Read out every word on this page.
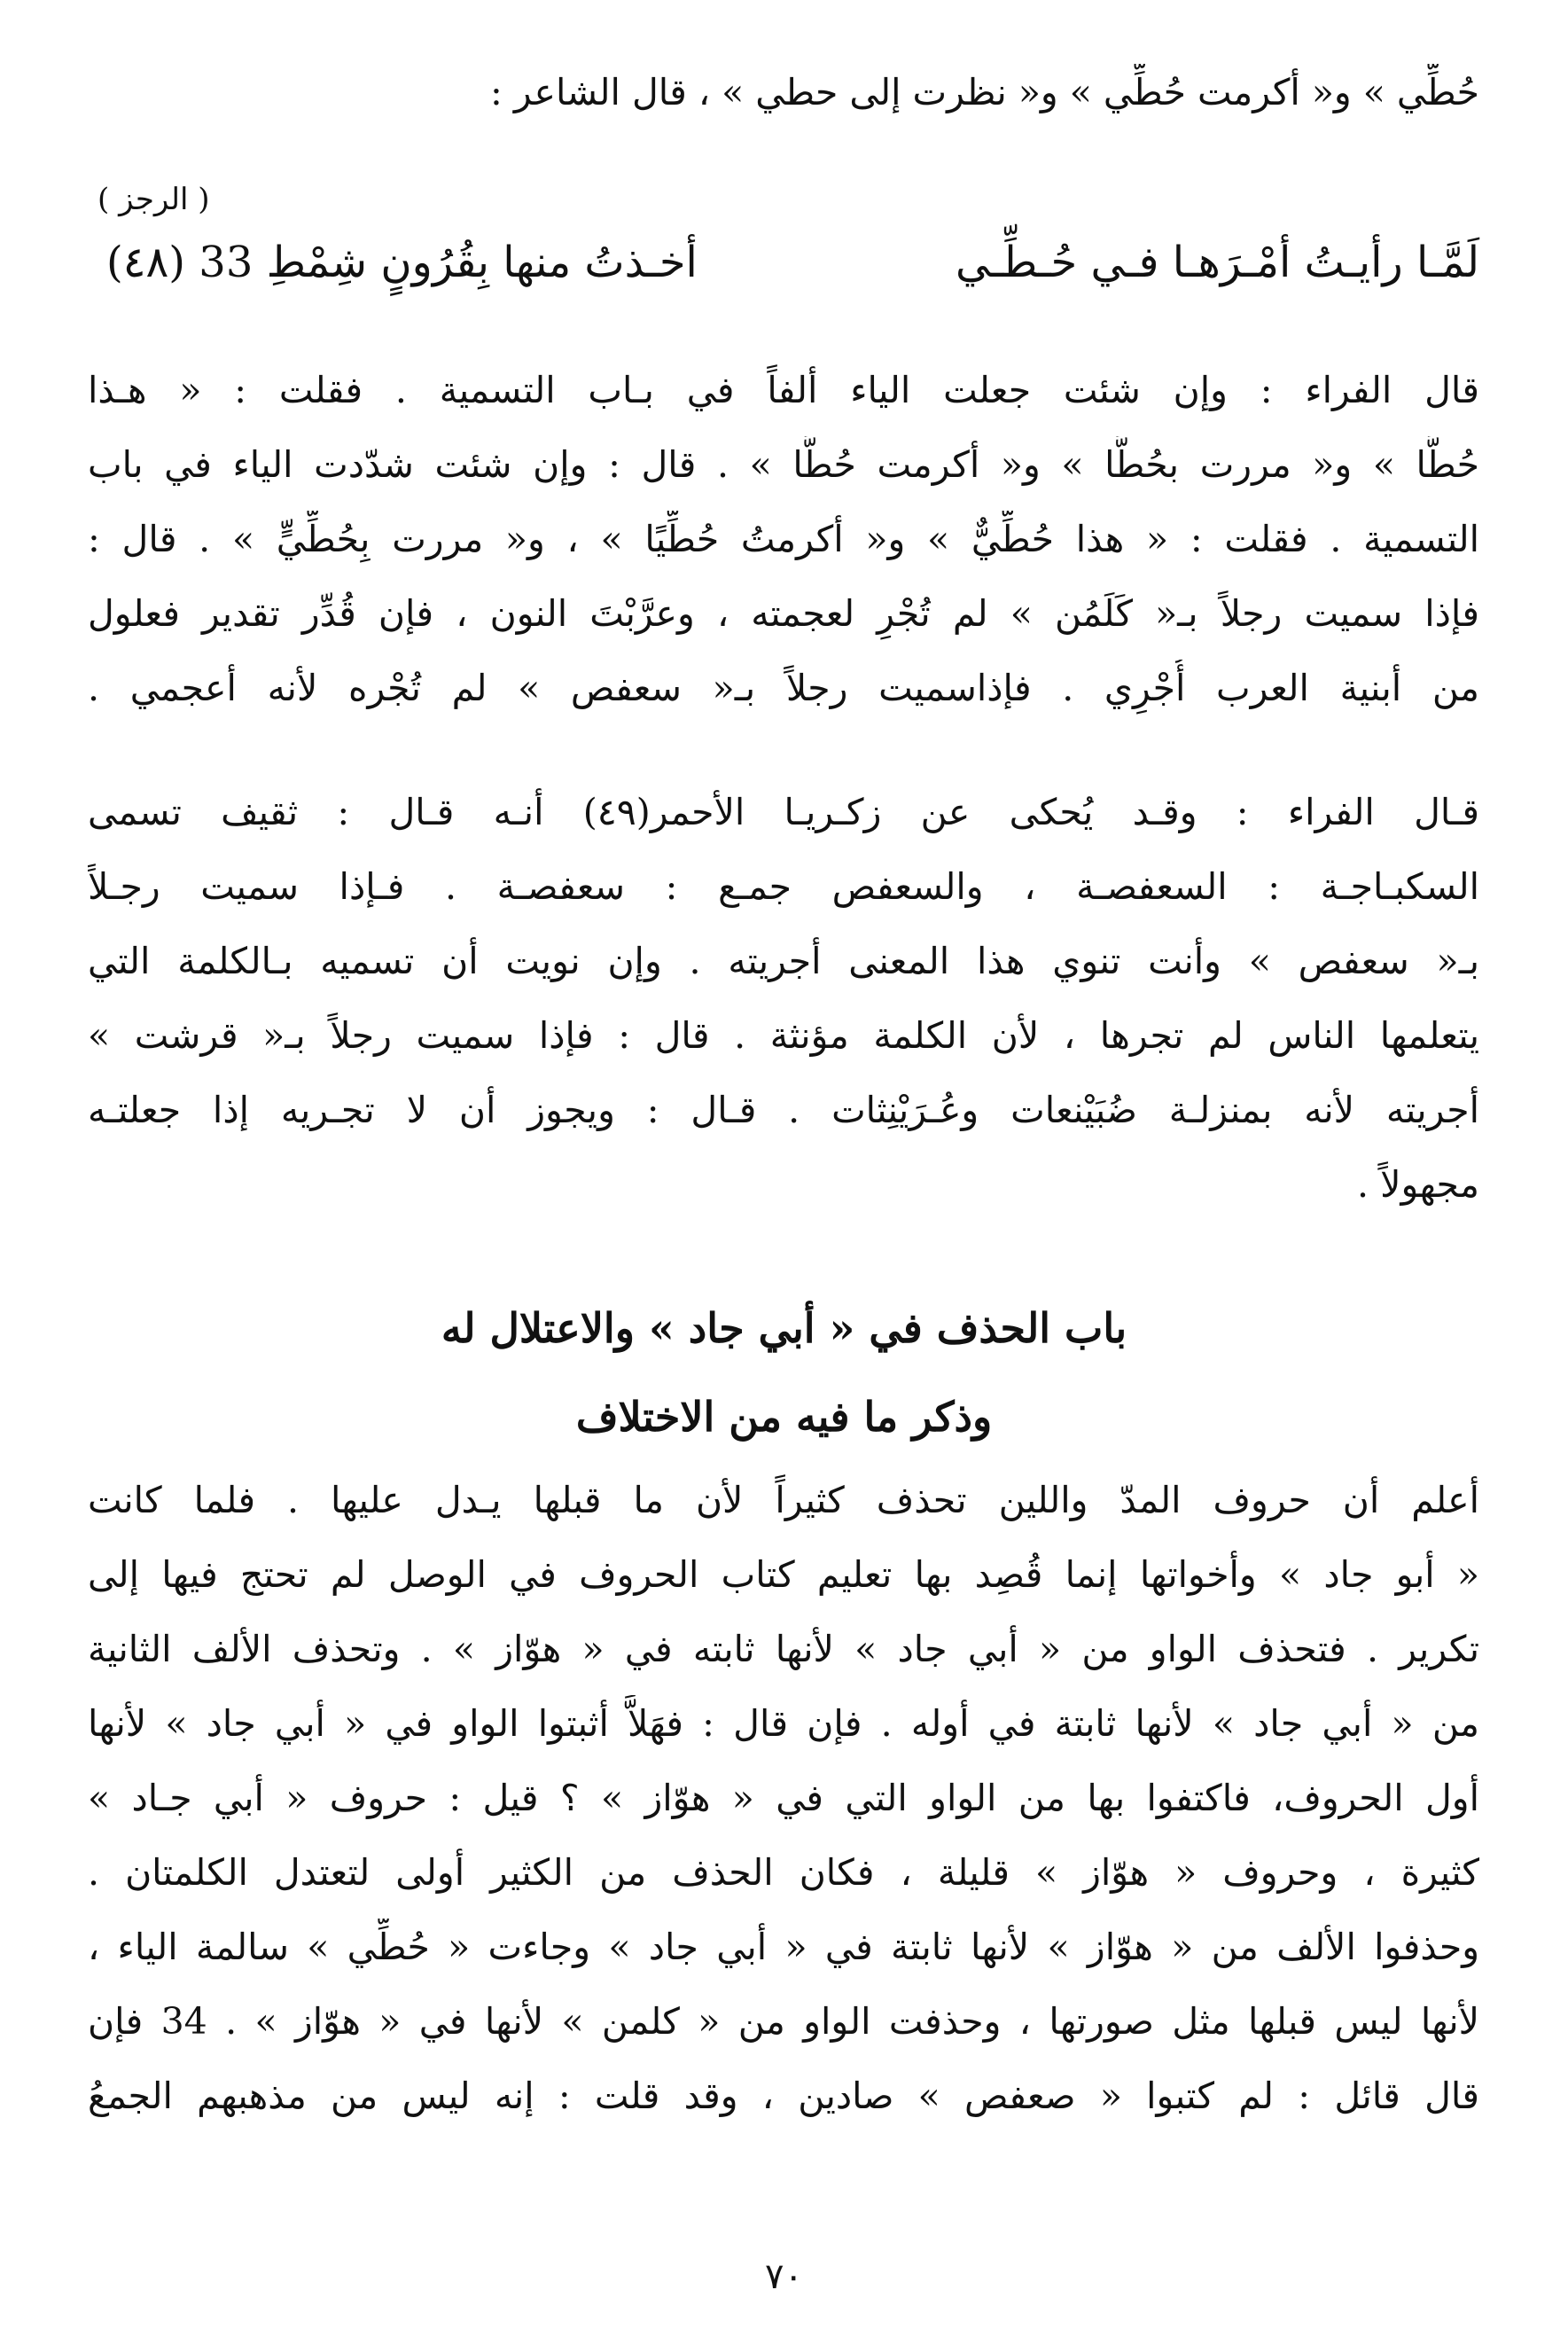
حُطِّي » و« أكرمت حُطِّي » و« نظرت إلى حطي » ، قال الشاعر :
( الرجز )
لَمَّـا رأيـتُ أمْـرَهـا فـي حُـطِّـي
أخـذتُ منها بِقُرُونٍ شِمْطِ 33 (٤٨)
قال الفراء : وإن شئت جعلت الياء ألفاً في بـاب التسمية . فقلت : « هـذا
حُطَّا » و« مررت بحُطَّا » و« أكرمت حُطَّا » . قال : وإن شئت شدّدت الياء في باب
التسمية . فقلت : « هذا حُطِّيٌّ » و« أكرمتُ حُطِّيًا » ، و« مررت بِحُطِّيٍّ » . قال :
فإذا سميت رجلاً بـ« كَلَمُن » لم تُجْرِ لعجمته ، وعرَّبْتَ النون ، فإن قُدِّر تقدير فعلول
من أبنية العرب أُجْرِي . فإذاسميت رجلاً بـ« سعفص » لم تُجْره لأنه أعجمي .
قـال الفراء : وقـد يُحكى عن زكـريـا الأحمر(٤٩) أنـه قـال : ثقيف تسمى
السكبـاجـة : السعفصـة ، والسعفص جمـع : سعفصـة . فـإذا سميت رجـلاً
بـ« سعفص » وأنت تنوي هذا المعنى أجريته . وإن نويت أن تسميه بـالكلمة التي
يتعلمها الناس لم تجرها ، لأن الكلمة مؤنثة . قال : فإذا سميت رجلاً بـ« قرشت »
أجريته لأنه بمنزلـة ضُبَيْنعات وعُـرَيْنِثات . قـال : ويجوز أن لا تجـريه إذا جعلتـه
مجهولاً .
باب الحذف في « أبي جاد » والاعتلال له
وذكر ما فيه من الاختلاف
أعلم أن حروف المدّ واللين تحذف كثيراً لأن ما قبلها يـدل عليها . فلما كانت
« أبو جاد » وأخواتها إنما قُصِد بها تعليم كتاب الحروف في الوصل لم تحتج فيها إلى
تكرير . فتحذف الواو من « أبي جاد » لأنها ثابته في « هوّاز » . وتحذف الألف الثانية
من « أبي جاد » لأنها ثابتة في أوله . فإن قال : فهَلاَّ أثبتوا الواو في « أبي جاد » لأنها
أول الحروف، فاكتفوا بها من الواو التي في « هوّاز » ؟ قيل : حروف « أبي جـاد »
كثيرة ، وحروف « هوّاز » قليلة ، فكان الحذف من الكثير أولى لتعتدل الكلمتان .
وحذفوا الألف من « هوّاز » لأنها ثابتة في « أبي جاد » وجاءت « حُطِّي » سالمة الياء ،
لأنها ليس قبلها مثل صورتها ، وحذفت الواو من « كلمن » لأنها في « هوّاز » . 34 فإن
قال قائل : لم كتبوا « صعفص » صادين ، وقد قلت : إنه ليس من مذهبهم الجمعُ
٧٠
